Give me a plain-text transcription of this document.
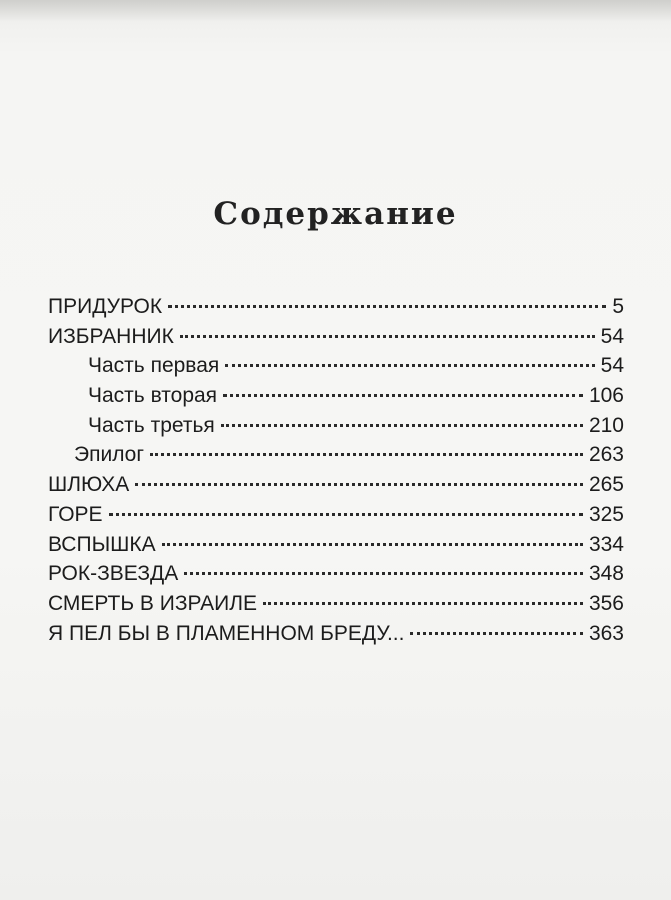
Содержание
ПРИДУРОК	5
ИЗБРАННИК	54
Часть первая	54
Часть вторая	106
Часть третья	210
Эпилог	263
ШЛЮХА	265
ГОРЕ	325
ВСПЫШКА	334
РОК-ЗВЕЗДА	348
СМЕРТЬ В ИЗРАИЛЕ	356
Я ПЕЛ БЫ В ПЛАМЕННОМ БРЕДУ...	363
